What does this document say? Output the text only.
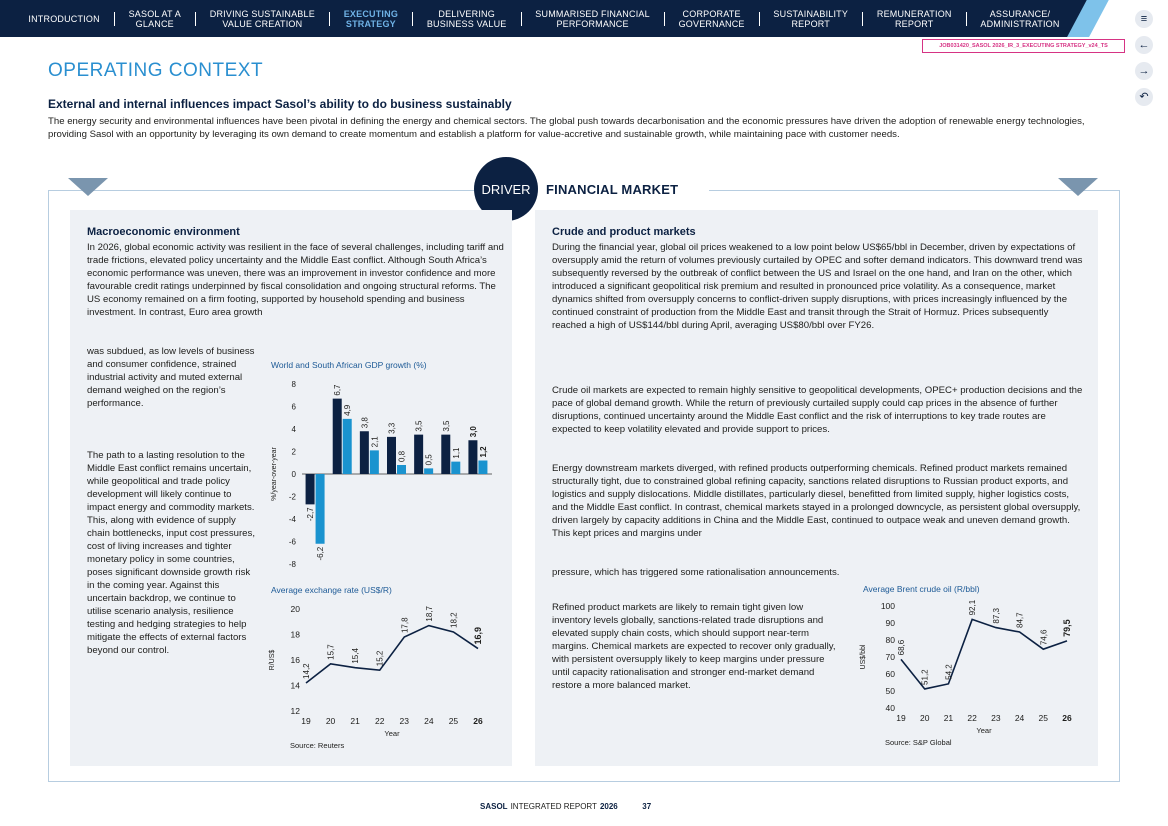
INTRODUCTION	SASOL AT A
GLANCE
DRIVING SUSTAINABLE
VALUE CREATION
EXECUTING
STRATEGY
DELIVERING
BUSINESS VALUE
SUMMARISED FINANCIAL
PERFORMANCE
CORPORATE
GOVERNANCE
SUSTAINABILITY
REPORT
REMUNERATION
REPORT
ASSURANCE/
ADMINISTRATION
JOB031420_SASOL 2026_IR_3_EXECUTING STRATEGY_v24_TS
≡
←
→
↶
OPERATING CONTEXT
External and internal influences impact Sasol’s ability to do business sustainably
The energy security and environmental influences have been pivotal in defining the energy and chemical sectors. The global push towards decarbonisation and the economic pressures have driven the adoption of renewable energy technologies, providing Sasol with an opportunity by leveraging its own demand to create momentum and establish a platform for value-accretive and sustainable growth, while maintaining pace with customer needs.
DRIVER	FINANCIAL MARKET
Macroeconomic environment
In 2026, global economic activity was resilient in the face of several challenges, including tariff and trade frictions, elevated policy uncertainty and the Middle East conflict. Although South Africa’s economic performance was uneven, there was an improvement in investor confidence and more favourable credit ratings underpinned by fiscal consolidation and ongoing structural reforms. The US economy remained on a firm footing, supported by household spending and business investment. In contrast, Euro area growth
was subdued, as low levels of business and consumer confidence, strained industrial activity and muted external demand weighed on the region’s performance.
The path to a lasting resolution to the Middle East conflict remains uncertain, while geopolitical and trade policy development will likely continue to impact energy and commodity markets. This, along with evidence of supply chain bottlenecks, input cost pressures, cost of living increases and tighter monetary policy in some countries, poses significant downside growth risk in the coming year. Against this uncertain backdrop, we continue to utilise scenario analysis, resilience testing and hedging strategies to help mitigate the effects of external factors beyond our control.
World and South African GDP growth (%)
8
6
4
2
0
-2
-4
-6
-8
%/year-over-year
-2,7
-6,2
6,7
4,9
3,8
2,1
3,3
0,8
3,5
0,5
3,5
1,1
3,0
1,2
Average exchange rate (US$/R)
20
18
16
14
12
R/US$
14,2
19
15,7
20
15,4
21
15,2
22
17,8
23
18,7
24
18,2
25
16,9
26
Year
Source: Reuters
Crude and product markets
During the financial year, global oil prices weakened to a low point below US$65/bbl in December, driven by expectations of oversupply amid the return of volumes previously curtailed by OPEC and softer demand indicators. This downward trend was subsequently reversed by the outbreak of conflict between the US and Israel on the one hand, and Iran on the other, which introduced a significant geopolitical risk premium and resulted in pronounced price volatility. As a consequence, market dynamics shifted from oversupply concerns to conflict-driven supply disruptions, with prices increasingly influenced by the continued constraint of production from the Middle East and transit through the Strait of Hormuz. Prices subsequently reached a high of US$144/bbl during April, averaging US$80/bbl over FY26.
Crude oil markets are expected to remain highly sensitive to geopolitical developments, OPEC+ production decisions and the pace of global demand growth. While the return of previously curtailed supply could cap prices in the absence of further disruptions, continued uncertainty around the Middle East conflict and the risk of interruptions to key trade routes are expected to keep volatility elevated and provide support to prices.
Energy downstream markets diverged, with refined products outperforming chemicals. Refined product markets remained structurally tight, due to constrained global refining capacity, sanctions related disruptions to Russian product exports, and logistics and supply dislocations. Middle distillates, particularly diesel, benefitted from limited supply, higher logistics costs, and the Middle East conflict. In contrast, chemical markets stayed in a prolonged downcycle, as persistent global oversupply, driven largely by capacity additions in China and the Middle East, continued to outpace weak and uneven demand growth. This kept prices and margins under
pressure, which has triggered some rationalisation announcements.
Refined product markets are likely to remain tight given low inventory levels globally, sanctions-related trade disruptions and elevated supply chain costs, which should support near-term margins. Chemical markets are expected to recover only gradually, with persistent oversupply likely to keep margins under pressure until capacity rationalisation and stronger end-market demand restore a more balanced market.
Average Brent crude oil (R/bbl)
100
90
80
70
60
50
40
US$/bbl	68,6
19
51,2
20
54,2
21
92,1
22
87,3
23
84,7
24
74,6
25
79,5
26
Year
Source: S&P Global
SASOL INTEGRATED REPORT 2026	37
